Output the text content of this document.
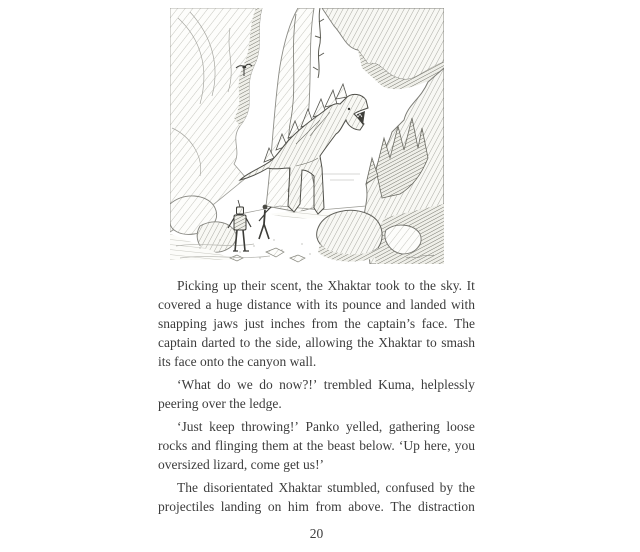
Picking up their scent, the Xhaktar took to the sky. It
covered a huge distance with its pounce and landed with
snapping jaws just inches from the captain’s face. The
captain darted to the side, allowing the Xhaktar to smash
its face onto the canyon wall.
‘What do we do now?!’ trembled Kuma, helplessly
peering over the ledge.
‘Just keep throwing!’ Panko yelled, gathering loose
rocks and flinging them at the beast below. ‘Up here, you
oversized lizard, come get us!’
The disorientated Xhaktar stumbled, confused by the
projectiles landing on him from above. The distraction
20
